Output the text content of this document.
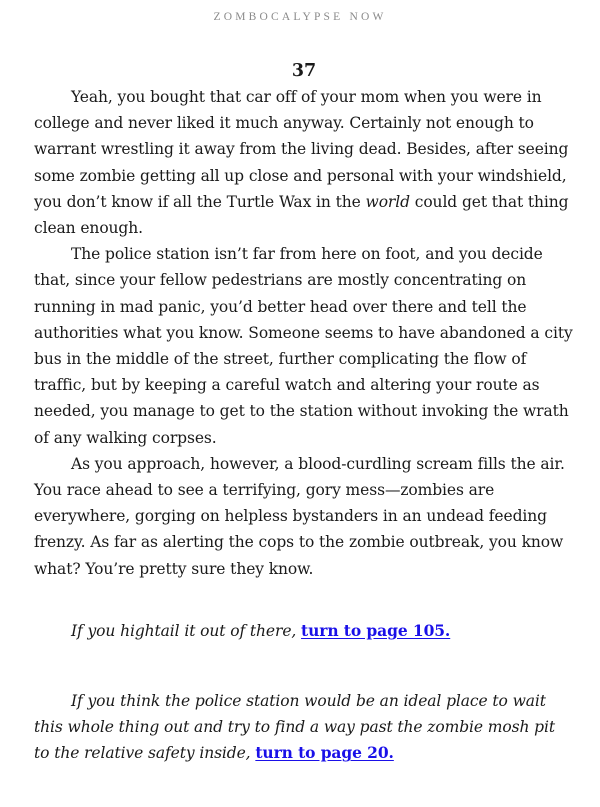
ZOMBOCALYPSE NOW
37

Yeah, you bought that car off of your mom when you were in college and never liked it much anyway. Certainly not enough to warrant wrestling it away from the living dead. Besides, after seeing some zombie getting all up close and personal with your windshield, you don’t know if all the Turtle Wax in the world could get that thing clean enough.

The police station isn’t far from here on foot, and you decide that, since your fellow pedestrians are mostly concentrating on running in mad panic, you’d better head over there and tell the authorities what you know. Someone seems to have abandoned a city bus in the middle of the street, further complicating the flow of traffic, but by keeping a careful watch and altering your route as needed, you manage to get to the station without invoking the wrath of any walking corpses.

As you approach, however, a blood-curdling scream fills the air. You race ahead to see a terrifying, gory mess—zombies are everywhere, gorging on helpless bystanders in an undead feeding frenzy. As far as alerting the cops to the zombie outbreak, you know what? You’re pretty sure they know.

If you hightail it out of there, turn to page 105.

If you think the police station would be an ideal place to wait this whole thing out and try to find a way past the zombie mosh pit to the relative safety inside, turn to page 20.
